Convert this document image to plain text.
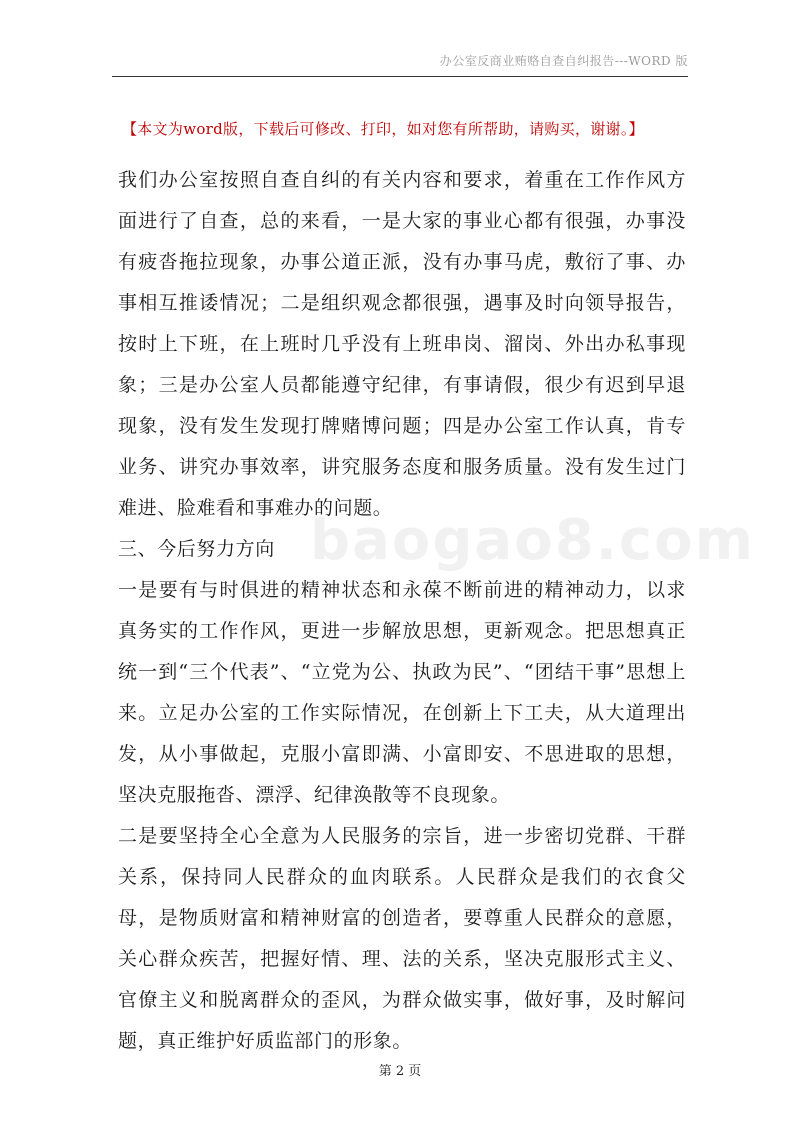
办公室反商业贿赂自查自纠报告---WORD 版
【本文为word版，下载后可修改、打印，如对您有所帮助，请购买，谢谢。】
baogao8.com

我们办公室按照自查自纠的有关内容和要求，着重在工作作风方面进行了自查，总的来看，一是大家的事业心都有很强，办事没有疲沓拖拉现象，办事公道正派，没有办事马虎，敷衍了事、办事相互推诿情况；二是组织观念都很强，遇事及时向领导报告，按时上下班，在上班时几乎没有上班串岗、溜岗、外出办私事现象；三是办公室人员都能遵守纪律，有事请假，很少有迟到早退现象，没有发生发现打牌赌博问题；四是办公室工作认真，肯专业务、讲究办事效率，讲究服务态度和服务质量。没有发生过门难进、脸难看和事难办的问题。

三、今后努力方向

一是要有与时俱进的精神状态和永葆不断前进的精神动力，以求真务实的工作作风，更进一步解放思想，更新观念。把思想真正统一到“三个代表”、“立党为公、执政为民”、“团结干事”思想上来。立足办公室的工作实际情况，在创新上下工夫，从大道理出发，从小事做起，克服小富即满、小富即安、不思进取的思想，坚决克服拖沓、漂浮、纪律涣散等不良现象。

二是要坚持全心全意为人民服务的宗旨，进一步密切党群、干群关系，保持同人民群众的血肉联系。人民群众是我们的衣食父母，是物质财富和精神财富的创造者，要尊重人民群众的意愿，关心群众疾苦，把握好情、理、法的关系，坚决克服形式主义、官僚主义和脱离群众的歪风，为群众做实事，做好事，及时解问题，真正维护好质监部门的形象。

第 2 页
